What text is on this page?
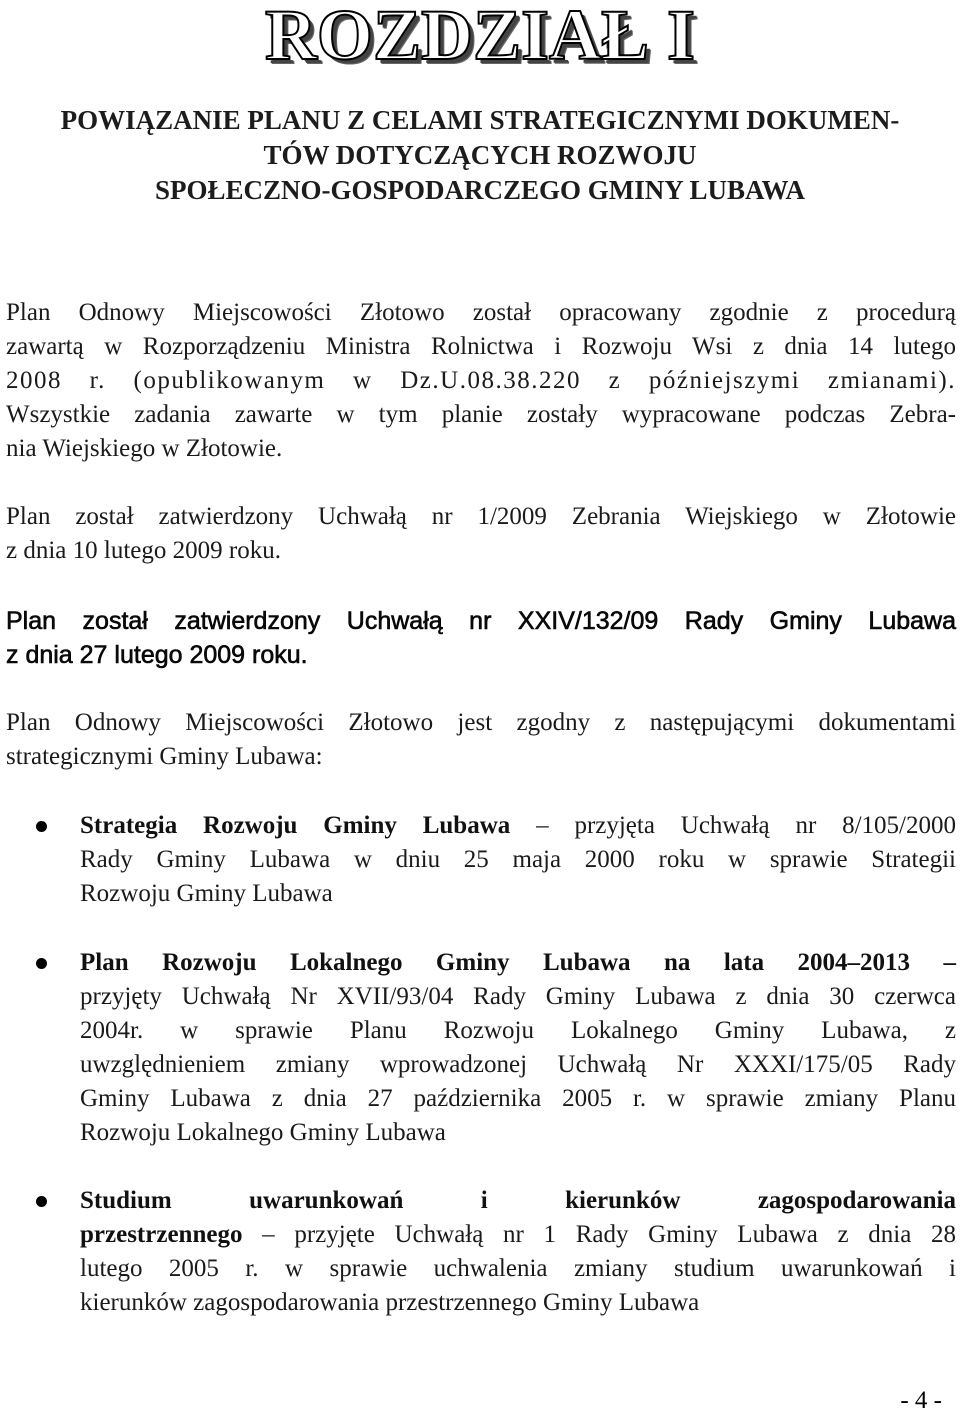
ROZDZIAŁ I
POWIĄZANIE PLANU Z CELAMI STRATEGICZNYMI DOKUMEN-
TÓW DOTYCZĄCYCH ROZWOJU
SPOŁECZNO-GOSPODARCZEGO GMINY LUBAWA
Plan Odnowy Miejscowości Złotowo został opracowany zgodnie z procedurą
zawartą w Rozporządzeniu Ministra Rolnictwa i Rozwoju Wsi z dnia 14 lutego
2008 r. (opublikowanym w Dz.U.08.38.220 z późniejszymi zmianami).
Wszystkie zadania zawarte w tym planie zostały wypracowane podczas Zebra-
nia Wiejskiego w Złotowie.
Plan został zatwierdzony Uchwałą nr 1/2009 Zebrania Wiejskiego w Złotowie
z dnia 10 lutego 2009 roku.
Plan został zatwierdzony Uchwałą nr XXIV/132/09 Rady Gminy Lubawa
z dnia 27 lutego 2009 roku.
Plan Odnowy Miejscowości Złotowo jest zgodny z następującymi dokumentami
strategicznymi Gminy Lubawa:
Strategia Rozwoju Gminy Lubawa – przyjęta Uchwałą nr 8/105/2000
Rady Gminy Lubawa w dniu 25 maja 2000 roku w sprawie Strategii
Rozwoju Gminy Lubawa
Plan Rozwoju Lokalnego Gminy Lubawa na lata 2004–2013 –
przyjęty Uchwałą Nr XVII/93/04 Rady Gminy Lubawa z dnia 30 czerwca
2004r. w sprawie Planu Rozwoju Lokalnego Gminy Lubawa, z
uwzględnieniem zmiany wprowadzonej Uchwałą Nr XXXI/175/05 Rady
Gminy Lubawa z dnia 27 października 2005 r. w sprawie zmiany Planu
Rozwoju Lokalnego Gminy Lubawa
Studium uwarunkowań i kierunków zagospodarowania
przestrzennego – przyjęte Uchwałą nr 1 Rady Gminy Lubawa z dnia 28
lutego 2005 r. w sprawie uchwalenia zmiany studium uwarunkowań i
kierunków zagospodarowania przestrzennego Gminy Lubawa
- 4 -
